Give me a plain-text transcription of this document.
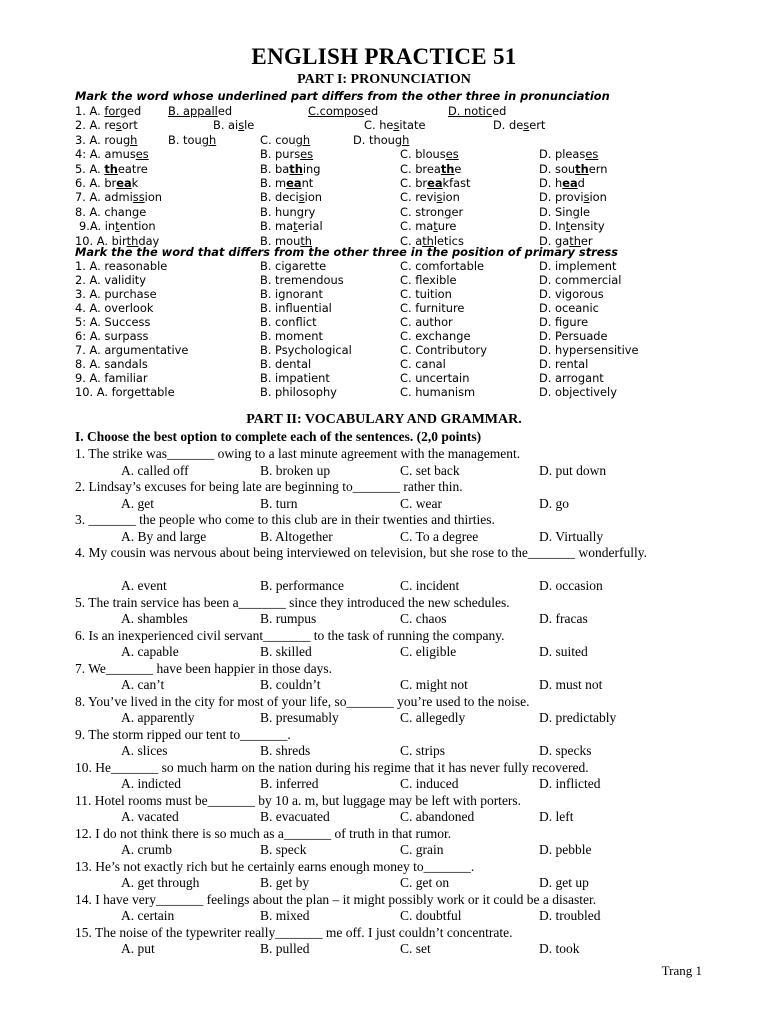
ENGLISH PRACTICE 51
PART I: PRONUNCIATION
Mark the word whose underlined part differs from the other three in pronunciation
1. A. forged B. appalled	C.composed	D. noticed
2. A. resort	B. aisle	C. hesitate	D. desert
3. A. rough	B. tough	C. cough	D. though
4: A. amuses	B. purses	C. blouses	D. pleases
5. A. theatre	B. bathing	C. breathe	D. southern
6. A. break	B. meant	C. breakfast	D. head
7. A. admission	B. decision	C. revision	D. provision
8. A. change	B. hungry	C. stronger	D. Single
9.A. intention	B. material	C. mature	D. Intensity
10. A. birthday	B. mouth	C. athletics	D. gather
Mark the the word that differs from the other three in the position of primary stress
1. A. reasonable	B. cigarette	C. comfortable	D. implement
2. A. validity	B. tremendous	C. flexible	D. commercial
3. A. purchase	B. ignorant	C. tuition	D. vigorous
4. A. overlook	B. influential	C. furniture	D. oceanic
5: A. Success	B. conflict	C. author	D. figure
6: A. surpass	B. moment	C. exchange	D. Persuade
7. A. argumentative	B. Psychological	C. Contributory	D. hypersensitive
8. A. sandals	B. dental	C. canal	D. rental
9. A. familiar	B. impatient	C. uncertain	D. arrogant
10. A. forgettable	B. philosophy	C. humanism	D. objectively
PART II: VOCABULARY AND GRAMMAR.
I. Choose the best option to complete each of the sentences. (2,0 points)
1. The strike was_______ owing to a last minute agreement with the management.
A. called off	B. broken up	C. set back	D. put down
2. Lindsay’s excuses for being late are beginning to_______ rather thin.
A. get	B. turn	C. wear	D. go
3. _______ the people who come to this club are in their twenties and thirties.
A. By and large	B. Altogether	C. To a degree	D. Virtually
4. My cousin was nervous about being interviewed on television, but she rose to the_______ wonderfully.
A. event	B. performance	C. incident	D. occasion
5. The train service has been a_______ since they introduced the new schedules.
A. shambles	B. rumpus	C. chaos	D. fracas
6. Is an inexperienced civil servant_______ to the task of running the company.
A. capable	B. skilled	C. eligible	D. suited
7. We_______ have been happier in those days.
A. can’t	B. couldn’t	C. might not	D. must not
8. You’ve lived in the city for most of your life, so_______ you’re used to the noise.
A. apparently	B. presumably	C. allegedly	D. predictably
9. The storm ripped our tent to_______.
A. slices	B. shreds	C. strips	D. specks
10. He_______ so much harm on the nation during his regime that it has never fully recovered.
A. indicted	B. inferred	C. induced	D. inflicted
11. Hotel rooms must be_______ by 10 a. m, but luggage may be left with porters.
A. vacated	B. evacuated	C. abandoned	D. left
12. I do not think there is so much as a_______ of truth in that rumor.
A. crumb	B. speck	C. grain	D. pebble
13. He’s not exactly rich but he certainly earns enough money to_______.
A. get through	B. get by	C. get on	D. get up
14. I have very_______ feelings about the plan – it might possibly work or it could be a disaster.
A. certain	B. mixed	C. doubtful	D. troubled
15. The noise of the typewriter really_______ me off. I just couldn’t concentrate.
A. put	B. pulled	C. set	D. took
Trang 1
